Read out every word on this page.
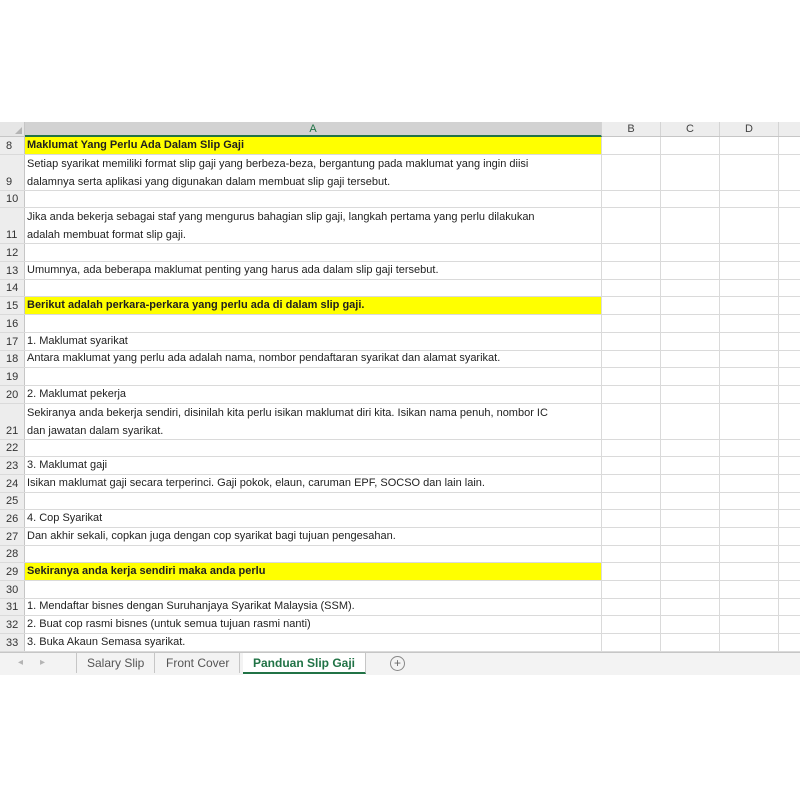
A	B	C	D
8	Maklumat Yang Perlu Ada Dalam Slip Gaji
9
Setiap syarikat memiliki format slip gaji yang berbeza-beza, bergantung pada maklumat yang ingin diisi
dalamnya serta aplikasi yang digunakan dalam membuat slip gaji tersebut.
10
11
Jika anda bekerja sebagai staf yang mengurus bahagian slip gaji, langkah pertama yang perlu dilakukan
adalah membuat format slip gaji.
12
13 Umumnya, ada beberapa maklumat penting yang harus ada dalam slip gaji tersebut.
14
15 Berikut adalah perkara-perkara yang perlu ada di dalam slip gaji.
16
17 1. Maklumat syarikat
18 Antara maklumat yang perlu ada adalah nama, nombor pendaftaran syarikat dan alamat syarikat.
19
20 2. Maklumat pekerja
21
Sekiranya anda bekerja sendiri, disinilah kita perlu isikan maklumat diri kita. Isikan nama penuh, nombor IC
dan jawatan dalam syarikat.
22
23 3. Maklumat gaji
24 Isikan maklumat gaji secara terperinci. Gaji pokok, elaun, caruman EPF, SOCSO dan lain lain.
25
26 4. Cop Syarikat
27 Dan akhir sekali, copkan juga dengan cop syarikat bagi tujuan pengesahan.
28
29 Sekiranya anda kerja sendiri maka anda perlu
30
31 1. Mendaftar bisnes dengan Suruhanjaya Syarikat Malaysia (SSM).
32 2. Buat cop rasmi bisnes (untuk semua tujuan rasmi nanti)
33 3. Buka Akaun Semasa syarikat.
◂ ▸	Salary Slip	Front Cover	Panduan Slip Gaji	+
